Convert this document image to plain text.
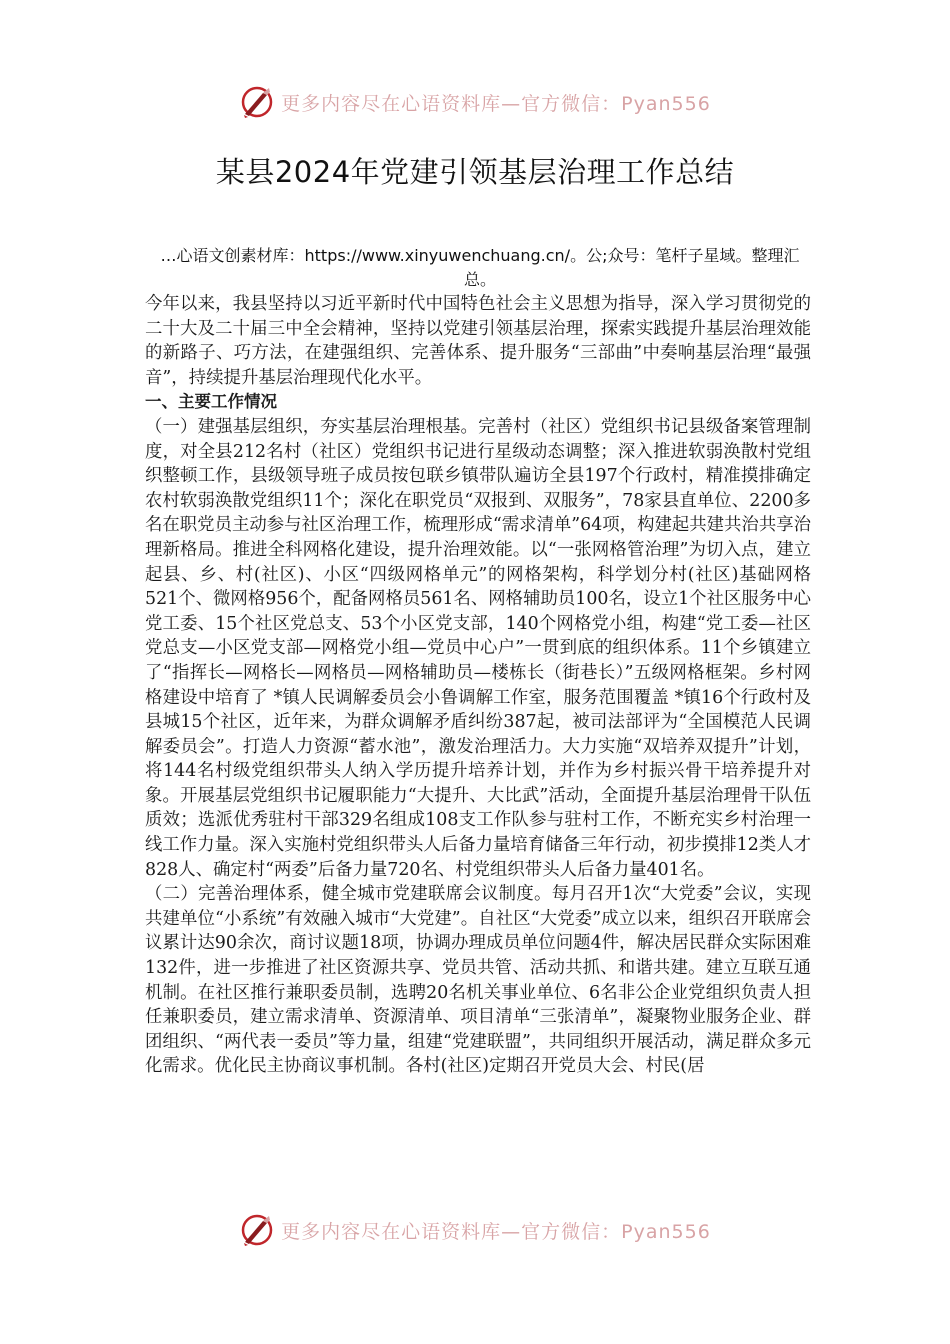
更多内容尽在心语资料库—官方微信：Pyan556
某县2024年党建引领基层治理工作总结
…心语文创素材库：https://www.xinyuwenchuang.cn/。公;众号：笔杆子星域。整理汇总。

今年以来，我县坚持以习近平新时代中国特色社会主义思想为指导，深入学习贯彻党的二十大及二十届三中全会精神，坚持以党建引领基层治理，探索实践提升基层治理效能的新路子、巧方法，在建强组织、完善体系、提升服务“三部曲”中奏响基层治理“最强音”，持续提升基层治理现代化水平。

一、主要工作情况

（一）建强基层组织，夯实基层治理根基。完善村（社区）党组织书记县级备案管理制度，对全县212名村（社区）党组织书记进行星级动态调整；深入推进软弱涣散村党组织整顿工作，县级领导班子成员按包联乡镇带队遍访全县197个行政村，精准摸排确定农村软弱涣散党组织11个；深化在职党员“双报到、双服务”，78家县直单位、2200多名在职党员主动参与社区治理工作，梳理形成“需求清单”64项，构建起共建共治共享治理新格局。推进全科网格化建设，提升治理效能。以“一张网格管治理”为切入点，建立起县、乡、村(社区)、小区“四级网格单元”的网格架构，科学划分村(社区)基础网格521个、微网格956个，配备网格员561名、网格辅助员100名，设立1个社区服务中心党工委、15个社区党总支、53个小区党支部，140个网格党小组，构建“党工委—社区党总支—小区党支部—网格党小组—党员中心户”一贯到底的组织体系。11个乡镇建立了“指挥长—网格长—网格员—网格辅助员—楼栋长（街巷长）”五级网格框架。乡村网格建设中培育了 *镇人民调解委员会小鲁调解工作室，服务范围覆盖 *镇16个行政村及县城15个社区，近年来，为群众调解矛盾纠纷387起，被司法部评为“全国模范人民调解委员会”。打造人力资源“蓄水池”，激发治理活力。大力实施“双培养双提升”计划，将144名村级党组织带头人纳入学历提升培养计划，并作为乡村振兴骨干培养提升对象。开展基层党组织书记履职能力“大提升、大比武”活动，全面提升基层治理骨干队伍质效；选派优秀驻村干部329名组成108支工作队参与驻村工作，不断充实乡村治理一线工作力量。深入实施村党组织带头人后备力量培育储备三年行动，初步摸排12类人才828人、确定村“两委”后备力量720名、村党组织带头人后备力量401名。

（二）完善治理体系，健全城市党建联席会议制度。每月召开1次“大党委”会议，实现共建单位“小系统”有效融入城市“大党建”。自社区“大党委”成立以来，组织召开联席会议累计达90余次，商讨议题18项，协调办理成员单位问题4件，解决居民群众实际困难132件，进一步推进了社区资源共享、党员共管、活动共抓、和谐共建。建立互联互通机制。在社区推行兼职委员制，选聘20名机关事业单位、6名非公企业党组织负责人担任兼职委员，建立需求清单、资源清单、项目清单“三张清单”，凝聚物业服务企业、群团组织、“两代表一委员”等力量，组建“党建联盟”，共同组织开展活动，满足群众多元化需求。优化民主协商议事机制。各村(社区)定期召开党员大会、村民(居

更多内容尽在心语资料库—官方微信：Pyan556
